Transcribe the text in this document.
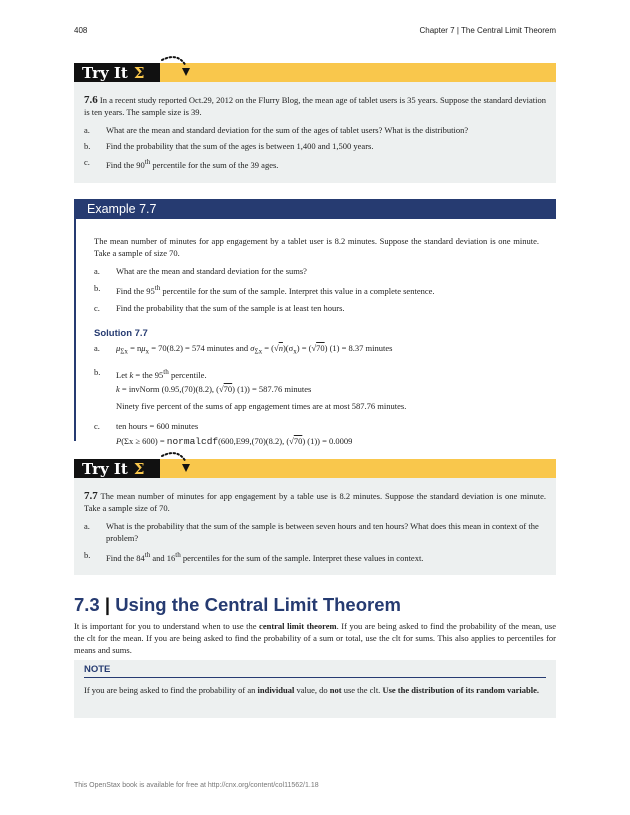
408	Chapter 7 | The Central Limit Theorem
Try It Σ

7.6 In a recent study reported Oct.29, 2012 on the Flurry Blog, the mean age of tablet users is 35 years. Suppose the standard deviation is ten years. The sample size is 39.

a.	What are the mean and standard deviation for the sum of the ages of tablet users? What is the distribution?
b.	Find the probability that the sum of the ages is between 1,400 and 1,500 years.
c.	Find the 90th percentile for the sum of the 39 ages.
Example 7.7

The mean number of minutes for app engagement by a tablet user is 8.2 minutes. Suppose the standard deviation is one minute. Take a sample of size 70.

a.	What are the mean and standard deviation for the sums?
b.	Find the 95th percentile for the sum of the sample. Interpret this value in a complete sentence.
c.	Find the probability that the sum of the sample is at least ten hours.
Solution 7.7
a.	$\mu_{\Sigma x} = n\mu_x = 70(8.2) = 574$ minutes and $\sigma_{\Sigma x} = (√n)(\sigma_x) = (√70) (1) = 8.37$ minutes
b.	Let k = the 95th percentile.
k = invNorm (0.95,(70)(8.2), (√70) (1)) = 587.76 minutes
Ninety five percent of the sums of app engagement times are at most 587.76 minutes.
c.	ten hours = 600 minutes
P(Σx ≥ 600) = normalcdf(600,E99,(70)(8.2), (√70) (1)) = 0.0009
Try It Σ

7.7 The mean number of minutes for app engagement by a table use is 8.2 minutes. Suppose the standard deviation is one minute. Take a sample size of 70.

a.	What is the probability that the sum of the sample is between seven hours and ten hours? What does this mean in context of the problem?
b.	Find the 84th and 16th percentiles for the sum of the sample. Interpret these values in context.
7.3 | Using the Central Limit Theorem
It is important for you to understand when to use the central limit theorem. If you are being asked to find the probability of the mean, use the clt for the mean. If you are being asked to find the probability of a sum or total, use the clt for sums. This also applies to percentiles for means and sums.
NOTE
If you are being asked to find the probability of an individual value, do not use the clt. Use the distribution of its random variable.
This OpenStax book is available for free at http://cnx.org/content/col11562/1.18
